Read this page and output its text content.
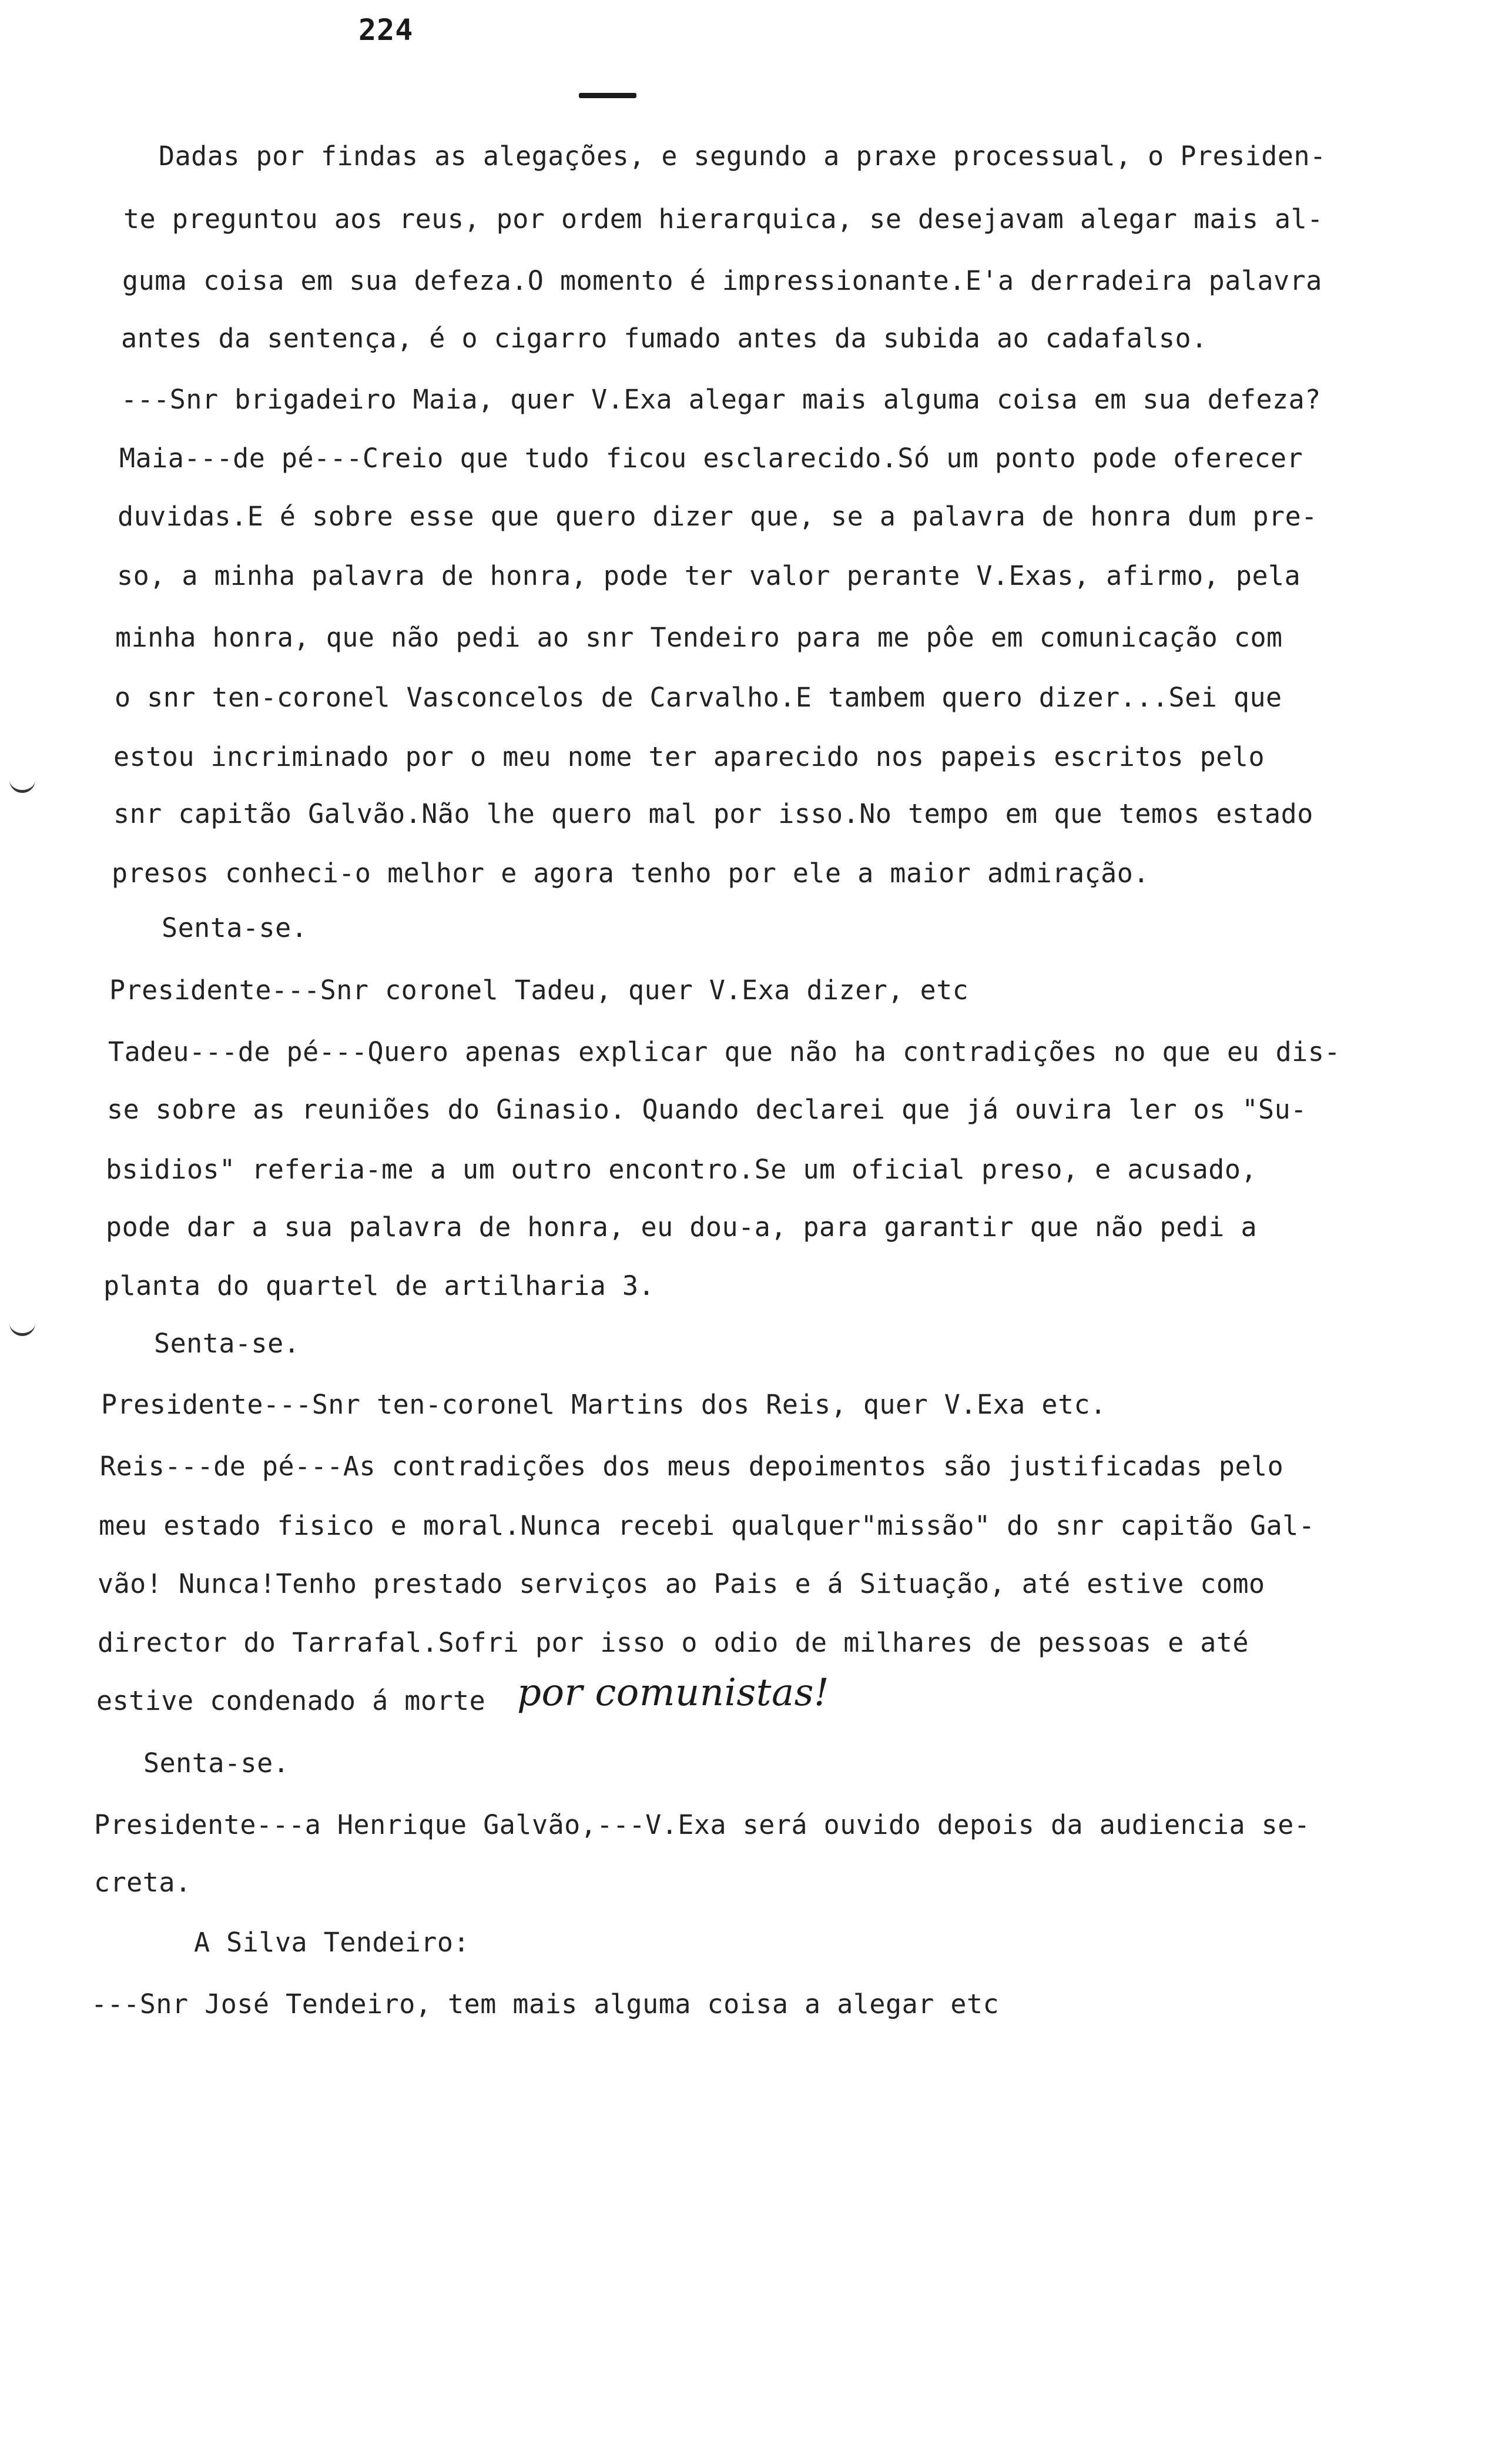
224
Dadas por findas as alegações, e segundo a praxe processual, o Presiden-
te preguntou aos reus, por ordem hierarquica, se desejavam alegar mais al-
guma coisa em sua defeza.O momento é impressionante.E'a derradeira palavra
antes da sentença, é o cigarro fumado antes da subida ao cadafalso.
---Snr brigadeiro Maia, quer V.Exa alegar mais alguma coisa em sua defeza?
Maia---de pé---Creio que tudo ficou esclarecido.Só um ponto pode oferecer
duvidas.E é sobre esse que quero dizer que, se a palavra de honra dum pre-
so, a minha palavra de honra, pode ter valor perante V.Exas, afirmo, pela
minha honra, que não pedi ao snr Tendeiro para me pôe em comunicação com
o snr ten-coronel Vasconcelos de Carvalho.E tambem quero dizer...Sei que
estou incriminado por o meu nome ter aparecido nos papeis escritos pelo
snr capitão Galvão.Não lhe quero mal por isso.No tempo em que temos estado
presos conheci-o melhor e agora tenho por ele a maior admiração.
Senta-se.
Presidente---Snr coronel Tadeu, quer V.Exa dizer, etc
Tadeu---de pé---Quero apenas explicar que não ha contradições no que eu dis-
se sobre as reuniões do Ginasio. Quando declarei que já ouvira ler os "Su-
bsidios" referia-me a um outro encontro.Se um oficial preso, e acusado,
pode dar a sua palavra de honra, eu dou-a, para garantir que não pedi a
planta do quartel de artilharia 3.
Senta-se.
Presidente---Snr ten-coronel Martins dos Reis, quer V.Exa etc.
Reis---de pé---As contradições dos meus depoimentos são justificadas pelo
meu estado fisico e moral.Nunca recebi qualquer"missão" do snr capitão Gal-
vão! Nunca!Tenho prestado serviços ao Pais e á Situação, até estive como
director do Tarrafal.Sofri por isso o odio de milhares de pessoas e até
estive condenado á morte por comunistas!
Senta-se.
Presidente---a Henrique Galvão,---V.Exa será ouvido depois da audiencia se-
creta.
A Silva Tendeiro:
---Snr José Tendeiro, tem mais alguma coisa a alegar etc
